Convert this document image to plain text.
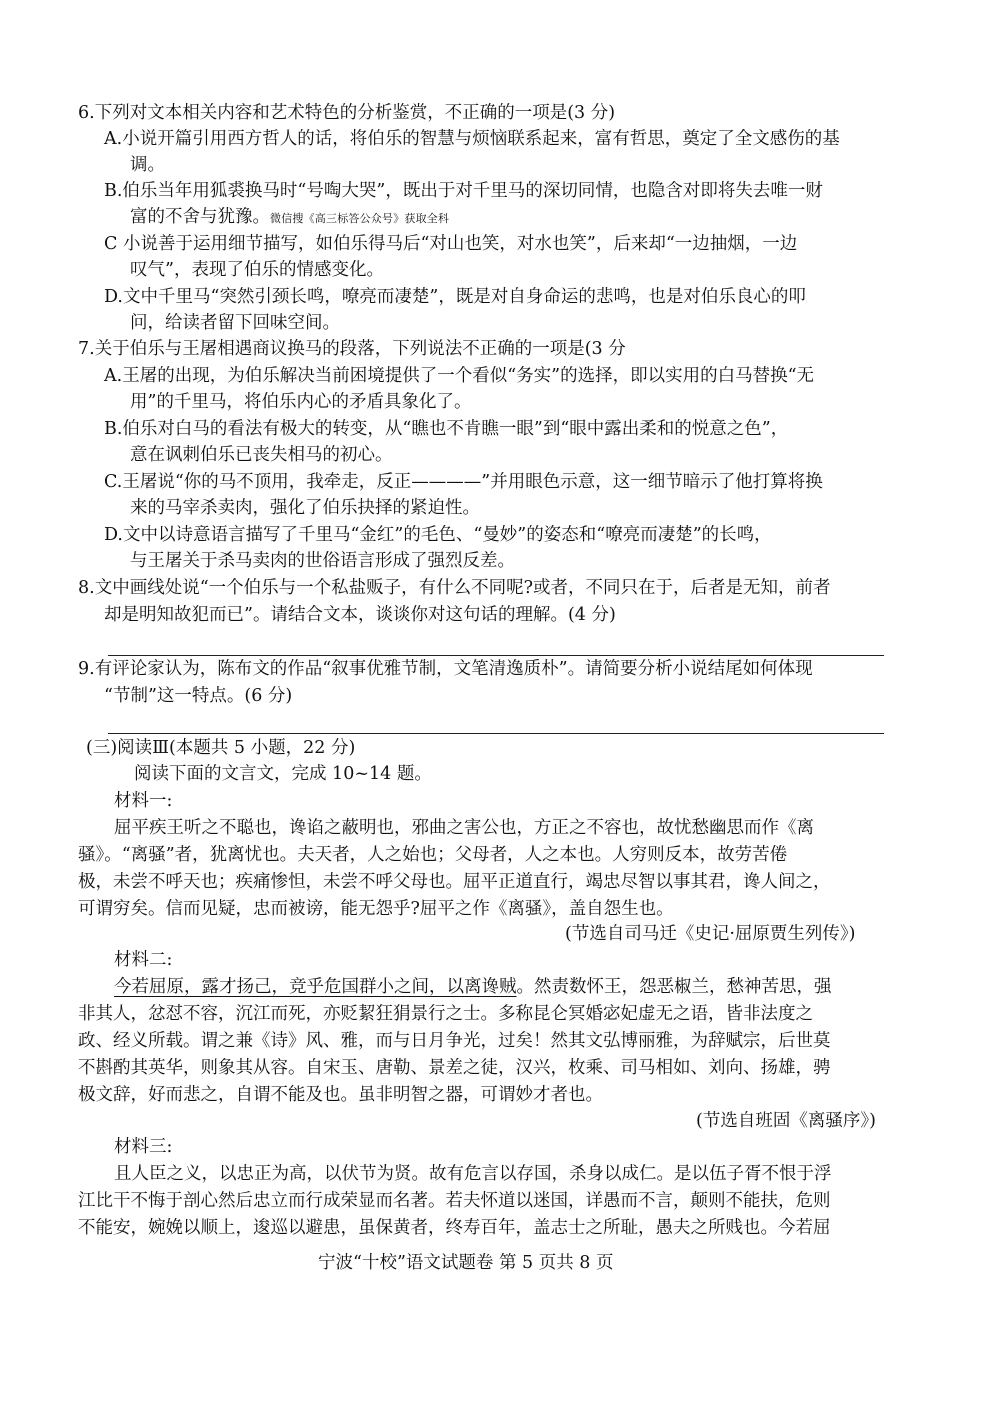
6.下列对文本相关内容和艺术特色的分析鉴赏，不正确的一项是(3 分)
A.小说开篇引用西方哲人的话，将伯乐的智慧与烦恼联系起来，富有哲思，奠定了全文感伤的基
调。
B.伯乐当年用狐裘换马时“号啕大哭”，既出于对千里马的深切同情，也隐含对即将失去唯一财
富的不舍与犹豫。微信搜《高三标答公众号》获取全科
C 小说善于运用细节描写，如伯乐得马后“对山也笑，对水也笑”，后来却“一边抽烟，一边
叹气”，表现了伯乐的情感变化。
D.文中千里马“突然引颈长鸣，嘹亮而凄楚”，既是对自身命运的悲鸣，也是对伯乐良心的叩
问，给读者留下回味空间。
7.关于伯乐与王屠相遇商议换马的段落，下列说法不正确的一项是(3 分
A.王屠的出现，为伯乐解决当前困境提供了一个看似“务实”的选择，即以实用的白马替换“无
用”的千里马，将伯乐内心的矛盾具象化了。
B.伯乐对白马的看法有极大的转变，从“瞧也不肯瞧一眼”到“眼中露出柔和的悦意之色”，
意在讽刺伯乐已丧失相马的初心。
C.王屠说“你的马不顶用，我牵走，反正————”并用眼色示意，这一细节暗示了他打算将换
来的马宰杀卖肉，强化了伯乐抉择的紧迫性。
D.文中以诗意语言描写了千里马“金红”的毛色、“曼妙”的姿态和“嘹亮而凄楚”的长鸣，
与王屠关于杀马卖肉的世俗语言形成了强烈反差。
8.文中画线处说“一个伯乐与一个私盐贩子，有什么不同呢?或者，不同只在于，后者是无知，前者
却是明知故犯而已”。请结合文本，谈谈你对这句话的理解。(4 分)
9.有评论家认为，陈布文的作品“叙事优雅节制，文笔清逸质朴”。请简要分析小说结尾如何体现
“节制”这一特点。(6 分)
(三)阅读Ⅲ(本题共 5 小题，22 分)
阅读下面的文言文，完成 10~14 题。
材料一:
屈平疾王听之不聪也，谗谄之蔽明也，邪曲之害公也，方正之不容也，故忧愁幽思而作《离
骚》。“离骚”者，犹离忧也。夫天者，人之始也；父母者，人之本也。人穷则反本，故劳苦倦
极，未尝不呼天也；疾痛惨怛，未尝不呼父母也。屈平正道直行，竭忠尽智以事其君，谗人间之，
可谓穷矣。信而见疑，忠而被谤，能无怨乎?屈平之作《离骚》，盖自怨生也。
(节选自司马迁《史记·屈原贾生列传》)
材料二:
今若屈原，露才扬己，竞乎危国群小之间，以离谗贼。然责数怀王，怨恶椒兰，愁神苦思，强
非其人，忿怼不容，沉江而死，亦贬絜狂狷景行之士。多称昆仑冥婚宓妃虚无之语，皆非法度之
政、经义所载。谓之兼《诗》风、雅，而与日月争光，过矣！然其文弘博丽雅，为辞赋宗，后世莫
不斟酌其英华，则象其从容。自宋玉、唐勒、景差之徒，汉兴，枚乘、司马相如、刘向、扬雄，骋
极文辞，好而悲之，自谓不能及也。虽非明智之器，可谓妙才者也。
(节选自班固《离骚序》)
材料三:
且人臣之义，以忠正为高，以伏节为贤。故有危言以存国，杀身以成仁。是以伍子胥不恨于浮
江比干不悔于剖心然后忠立而行成荣显而名著。若夫怀道以迷国，详愚而不言，颠则不能扶，危则
不能安，婉娩以顺上，逡巡以避患，虽保黄者，终寿百年，盖志士之所耻，愚夫之所贱也。今若屈
宁波“十校”语文试题卷 第 5 页共 8 页
